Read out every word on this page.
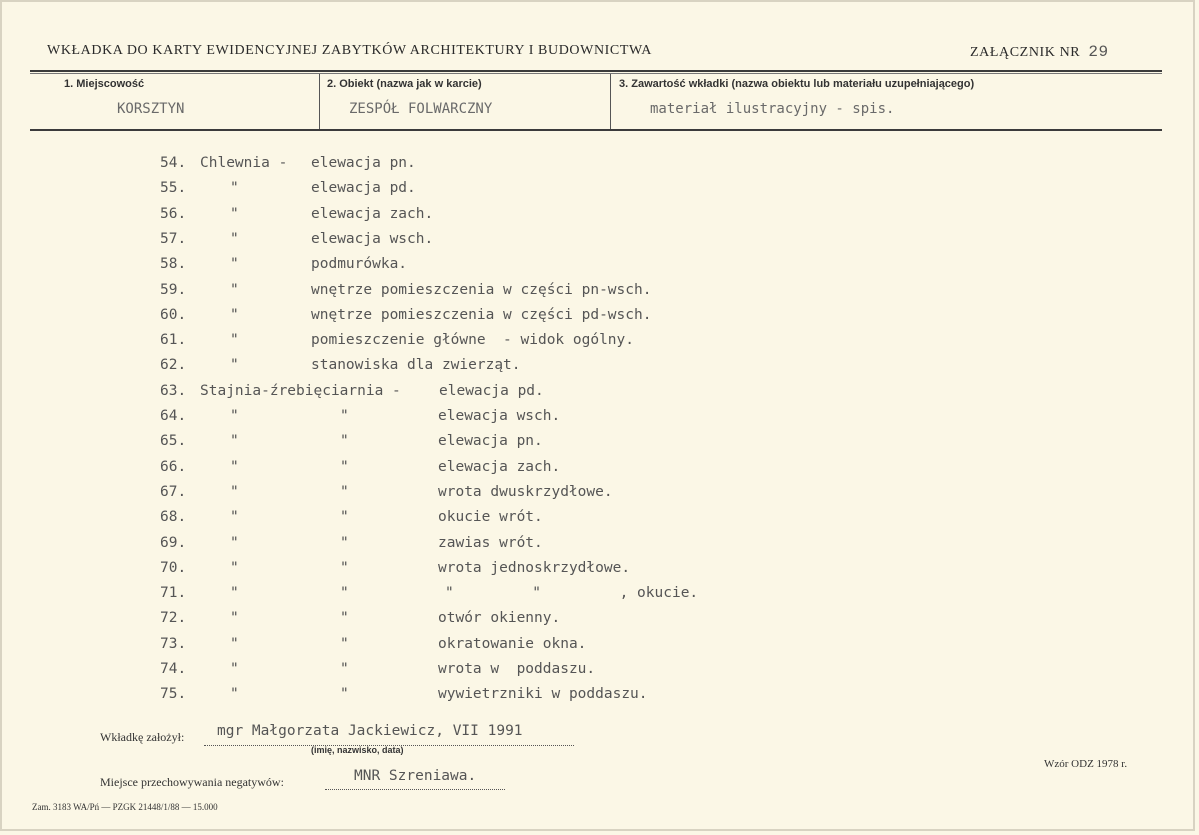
WKŁADKA DO KARTY EWIDENCYJNEJ ZABYTKÓW ARCHITEKTURY I BUDOWNICTWA	ZAŁĄCZNIK NR 29
1. Miejscowość	2. Obiekt (nazwa jak w karcie)	3. Zawartość wkładki (nazwa obiektu lub materiału uzupełniającego)
KORSZTYN	ZESPÓŁ FOLWARCZNY	materiał ilustracyjny - spis.
54. Chlewnia - elewacja pn.
55.	"	elewacja pd.
56.	"	elewacja zach.
57.	"	elewacja wsch.
58.	"	podmurówka.
59.	"	wnętrze pomieszczenia w części pn-wsch.
60.	"	wnętrze pomieszczenia w części pd-wsch.
61.	"	pomieszczenie główne  - widok ogólny.
62.	"	stanowiska dla zwierząt.
63. Stajnia-źrebięciarnia -	elewacja pd.
64.	"	"	elewacja wsch.
65.	"	"	elewacja pn.
66.	"	"	elewacja zach.
67.	"	"	wrota dwuskrzydłowe.
68.	"	"	okucie wrót.
69.	"	"	zawias wrót.
70.	"	"	wrota jednoskrzydłowe.
71.	"	"	"         "         , okucie.
72.	"	"	otwór okienny.
73.	"	"	okratowanie okna.
74.	"	"	wrota w  poddaszu.
75.	"	"	wywietrzniki w poddaszu.
Wkładkę założył: mgr Małgorzata Jackiewicz, VII 1991
(imię, nazwisko, data)
Miejsce przechowywania negatywów:	MNR Szreniawa.
Wzór ODZ 1978 r.
Zam. 3183 WA/Pń — PZGK 21448/1/88 — 15.000
